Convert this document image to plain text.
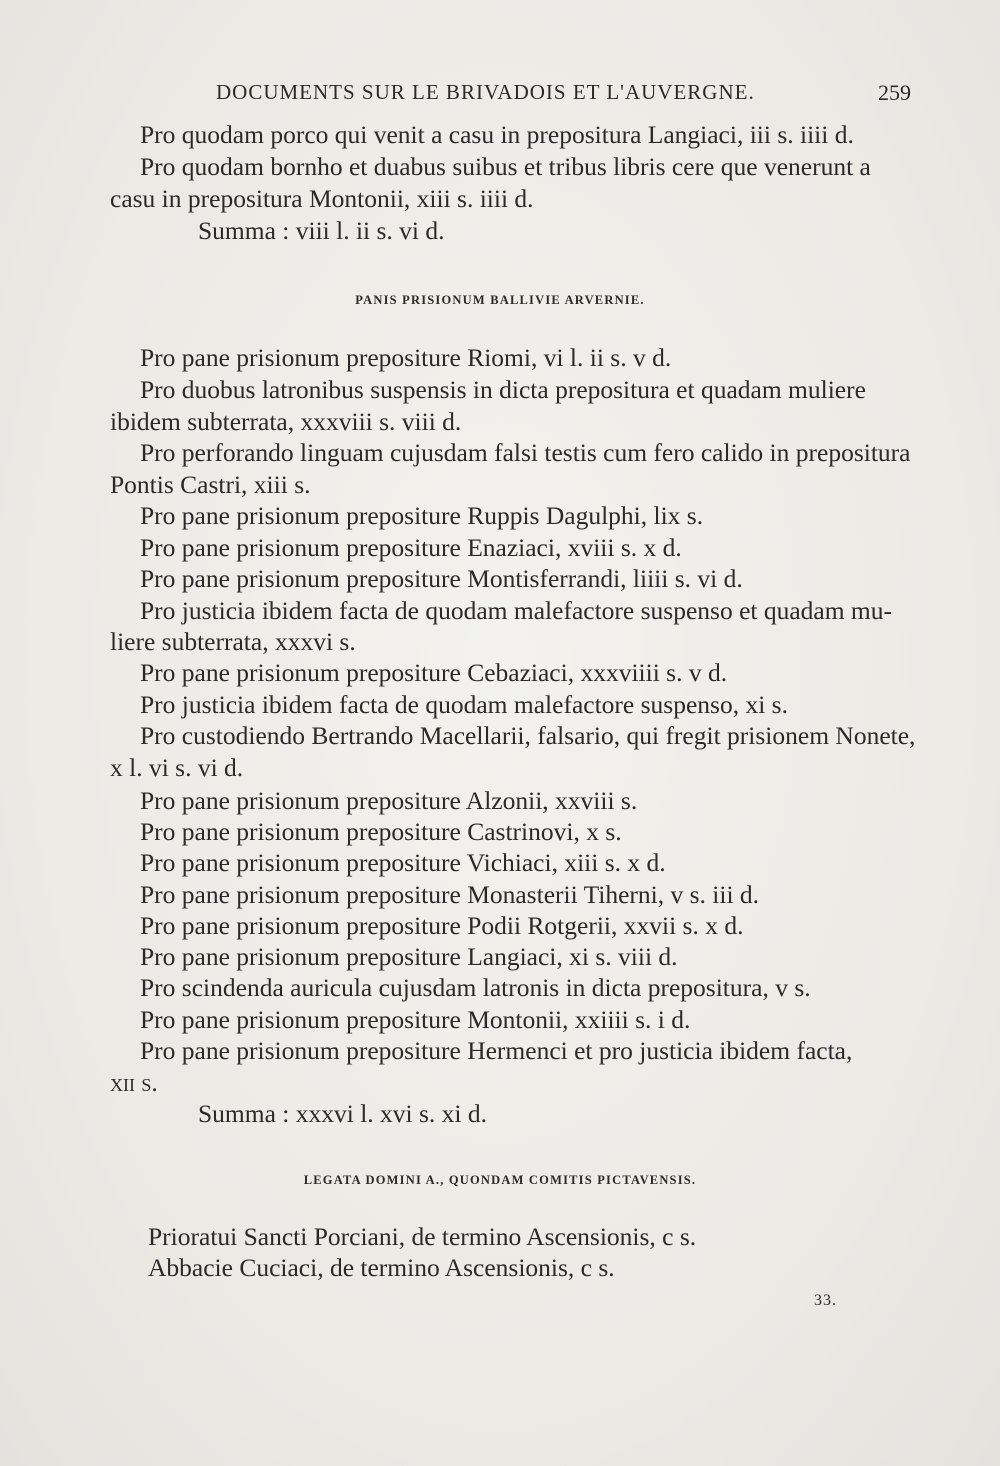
DOCUMENTS SUR LE BRIVADOIS ET L'AUVERGNE.	259
Pro quodam porco qui venit a casu in prepositura Langiaci, iii s. iiii d.
Pro quodam bornho et duabus suibus et tribus libris cere que venerunt a
casu in prepositura Montonii, xiii s. iiii d.
Summa : viii l. ii s. vi d.
PANIS PRISIONUM BALLIVIE ARVERNIE.
Pro pane prisionum prepositure Riomi, vi l. ii s. v d.
Pro duobus latronibus suspensis in dicta prepositura et quadam muliere
ibidem subterrata, xxxviii s. viii d.
Pro perforando linguam cujusdam falsi testis cum fero calido in prepositura
Pontis Castri, xiii s.
Pro pane prisionum prepositure Ruppis Dagulphi, lix s.
Pro pane prisionum prepositure Enaziaci, xviii s. x d.
Pro pane prisionum prepositure Montisferrandi, liiii s. vi d.
Pro justicia ibidem facta de quodam malefactore suspenso et quadam mu-
liere subterrata, xxxvi s.
Pro pane prisionum prepositure Cebaziaci, xxxviiii s. v d.
Pro justicia ibidem facta de quodam malefactore suspenso, xi s.
Pro custodiendo Bertrando Macellarii, falsario, qui fregit prisionem Nonete,
x l. vi s. vi d.
Pro pane prisionum prepositure Alzonii, xxviii s.
Pro pane prisionum prepositure Castrinovi, x s.
Pro pane prisionum prepositure Vichiaci, xiii s. x d.
Pro pane prisionum prepositure Monasterii Tiherni, v s. iii d.
Pro pane prisionum prepositure Podii Rotgerii, xxvii s. x d.
Pro pane prisionum prepositure Langiaci, xi s. viii d.
Pro scindenda auricula cujusdam latronis in dicta prepositura, v s.
Pro pane prisionum prepositure Montonii, xxiiii s. i d.
Pro pane prisionum prepositure Hermenci et pro justicia ibidem facta,
xii s.
Summa : xxxvi l. xvi s. xi d.
LEGATA DOMINI A., QUONDAM COMITIS PICTAVENSIS.
Prioratui Sancti Porciani, de termino Ascensionis, c s.
Abbacie Cuciaci, de termino Ascensionis, c s.
33.
